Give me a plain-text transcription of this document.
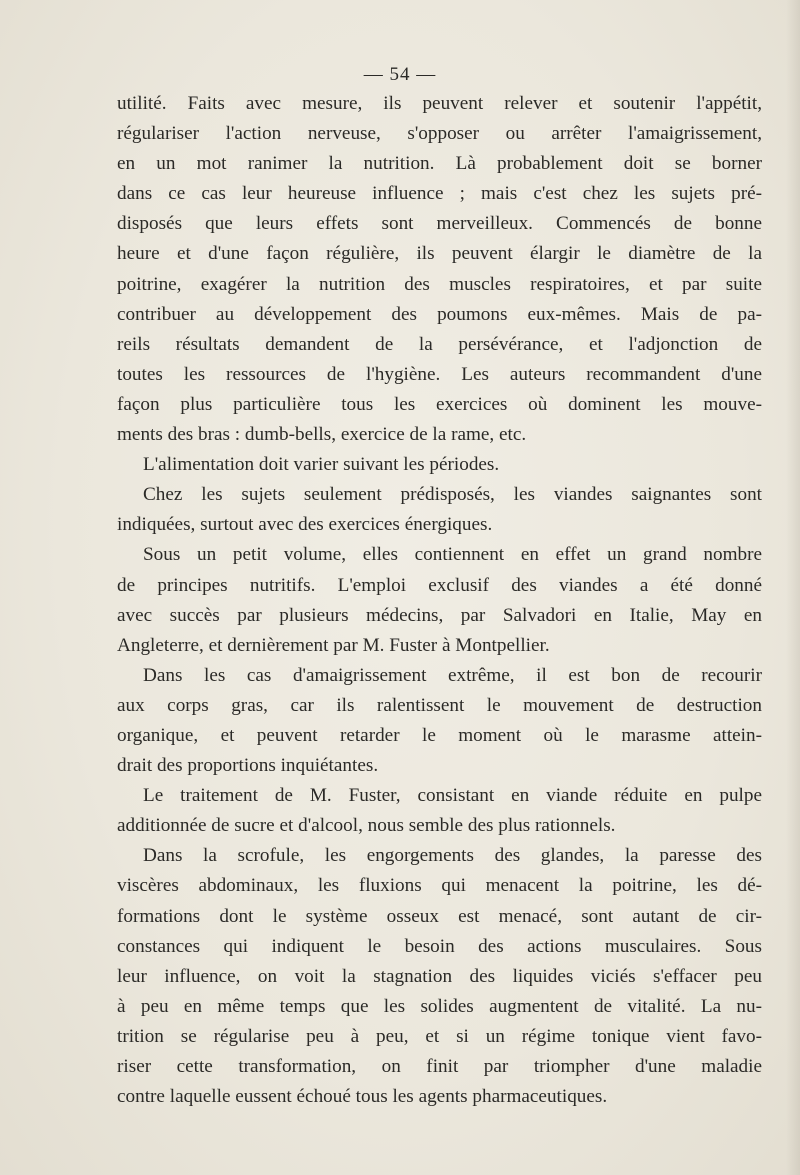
— 54 —
utilité. Faits avec mesure, ils peuvent relever et soutenir l'appétit,
régulariser l'action nerveuse, s'opposer ou arrêter l'amaigrissement,
en un mot ranimer la nutrition. Là probablement doit se borner
dans ce cas leur heureuse influence ; mais c'est chez les sujets pré-
disposés que leurs effets sont merveilleux. Commencés de bonne
heure et d'une façon régulière, ils peuvent élargir le diamètre de la
poitrine, exagérer la nutrition des muscles respiratoires, et par suite
contribuer au développement des poumons eux-mêmes. Mais de pa-
reils résultats demandent de la persévérance, et l'adjonction de
toutes les ressources de l'hygiène. Les auteurs recommandent d'une
façon plus particulière tous les exercices où dominent les mouve-
ments des bras : dumb-bells, exercice de la rame, etc.
L'alimentation doit varier suivant les périodes.
Chez les sujets seulement prédisposés, les viandes saignantes sont
indiquées, surtout avec des exercices énergiques.
Sous un petit volume, elles contiennent en effet un grand nombre
de principes nutritifs. L'emploi exclusif des viandes a été donné
avec succès par plusieurs médecins, par Salvadori en Italie, May en
Angleterre, et dernièrement par M. Fuster à Montpellier.
Dans les cas d'amaigrissement extrême, il est bon de recourir
aux corps gras, car ils ralentissent le mouvement de destruction
organique, et peuvent retarder le moment où le marasme attein-
drait des proportions inquiétantes.
Le traitement de M. Fuster, consistant en viande réduite en pulpe
additionnée de sucre et d'alcool, nous semble des plus rationnels.
Dans la scrofule, les engorgements des glandes, la paresse des
viscères abdominaux, les fluxions qui menacent la poitrine, les dé-
formations dont le système osseux est menacé, sont autant de cir-
constances qui indiquent le besoin des actions musculaires. Sous
leur influence, on voit la stagnation des liquides viciés s'effacer peu
à peu en même temps que les solides augmentent de vitalité. La nu-
trition se régularise peu à peu, et si un régime tonique vient favo-
riser cette transformation, on finit par triompher d'une maladie
contre laquelle eussent échoué tous les agents pharmaceutiques.
